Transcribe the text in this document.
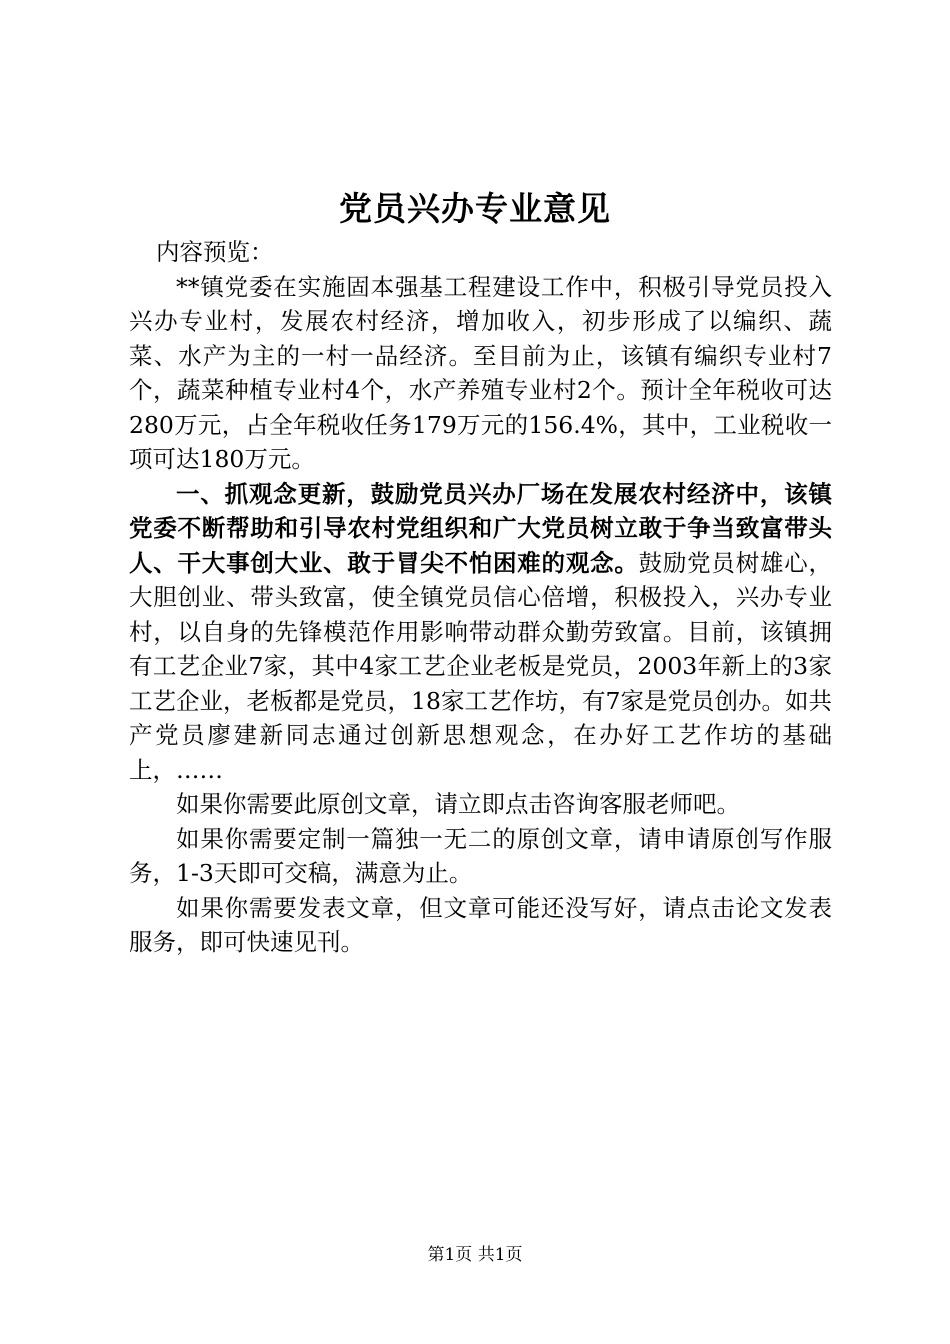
党员兴办专业意见

内容预览：

**镇党委在实施固本强基工程建设工作中，积极引导党员投入兴办专业村，发展农村经济，增加收入，初步形成了以编织、蔬菜、水产为主的一村一品经济。至目前为止，该镇有编织专业村7个，蔬菜种植专业村4个，水产养殖专业村2个。预计全年税收可达280万元，占全年税收任务179万元的156.4%，其中，工业税收一项可达180万元。

一、抓观念更新，鼓励党员兴办厂场在发展农村经济中，该镇党委不断帮助和引导农村党组织和广大党员树立敢于争当致富带头人、干大事创大业、敢于冒尖不怕困难的观念。鼓励党员树雄心，大胆创业、带头致富，使全镇党员信心倍增，积极投入，兴办专业村，以自身的先锋模范作用影响带动群众勤劳致富。目前，该镇拥有工艺企业7家，其中4家工艺企业老板是党员，2003年新上的3家工艺企业，老板都是党员，18家工艺作坊，有7家是党员创办。如共产党员廖建新同志通过创新思想观念，在办好工艺作坊的基础上，……

如果你需要此原创文章，请立即点击咨询客服老师吧。

如果你需要定制一篇独一无二的原创文章，请申请原创写作服务，1-3天即可交稿，满意为止。

如果你需要发表文章，但文章可能还没写好，请点击论文发表服务，即可快速见刊。

第1页 共1页
